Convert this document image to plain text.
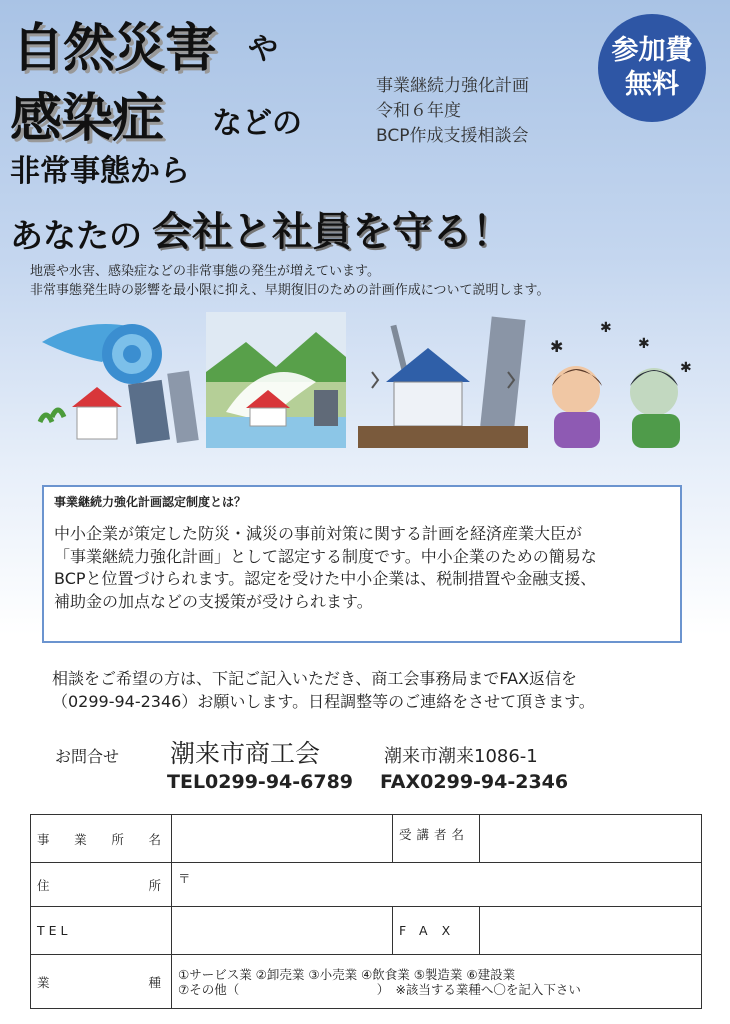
自然災害 や
感染症 などの
非常事態から
あなたの 会社と社員を守る！
事業継続力強化計画
令和６年度
BCP作成支援相談会
参加費
無料
地震や水害、感染症などの非常事態の発生が増えています。
非常事態発生時の影響を最小限に抑え、早期復旧のための計画作成について説明します。
✱
✱
✱
✱
事業継続力強化計画認定制度とは？
中小企業が策定した防災・減災の事前対策に関する計画を経済産業大臣が
「事業継続力強化計画」として認定する制度です。中小企業のための簡易な
BCPと位置づけられます。認定を受けた中小企業は、税制措置や金融支援、
補助金の加点などの支援策が受けられます。
相談をご希望の方は、下記ご記入いただき、商工会事務局までFAX返信を
（0299-94-2346）お願いします。日程調整等のご連絡をさせて頂きます。
お問合せ 潮来市商工会	潮来市潮来1086-1
TEL0299-94-6789 FAX0299-94-2346
事業所名		受講者名	
住所	〒		
TEL		FAX	
業種	①サービス業 ②卸売業 ③小売業 ④飲食業 ⑤製造業 ⑥建設業
⑦その他（　　　　　　　　　　　）　※該当する業種へ〇を記入下さい		
